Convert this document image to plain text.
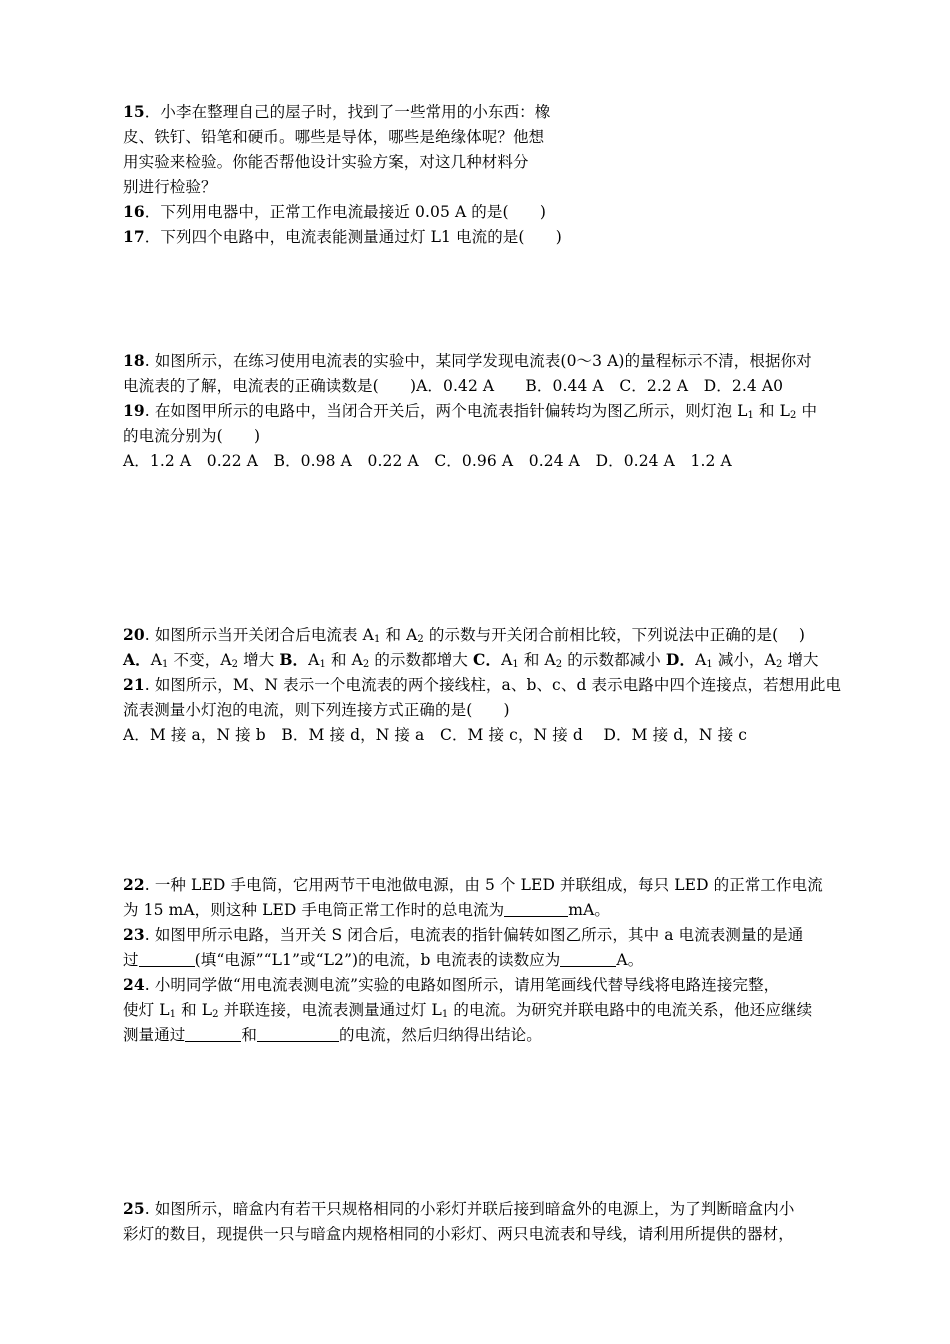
15．小李在整理自己的屋子时，找到了一些常用的小东西：橡
皮、铁钉、铅笔和硬币。哪些是导体，哪些是绝缘体呢？他想
用实验来检验。你能否帮他设计实验方案，对这几种材料分
别进行检验？
16．下列用电器中，正常工作电流最接近 0.05 A 的是(　　)
17．下列四个电路中，电流表能测量通过灯 L1 电流的是(　　)
18. 如图所示，在练习使用电流表的实验中，某同学发现电流表(0～3 A)的量程标示不清，根据你对
电流表的了解，电流表的正确读数是(　　)A．0.42 A　　B．0.44 A　C．2.2 A　D．2.4 A0
19. 在如图甲所示的电路中，当闭合开关后，两个电流表指针偏转均为图乙所示，则灯泡 $L_1$ 和 $L_2$ 中
的电流分别为(　　)
A．1.2 A　0.22 A　B．0.98 A　0.22 A　C．0.96 A　0.24 A　D．0.24 A　1.2 A
20. 如图所示当开关闭合后电流表 $A_1$ 和 $A_2$ 的示数与开关闭合前相比较，下列说法中正确的是(　 )
A．$A_1$ 不变，$A_2$ 增大 B．$A_1$ 和 $A_2$ 的示数都增大 C．$A_1$ 和 $A_2$ 的示数都减小 D．$A_1$ 减小，$A_2$ 增大
21. 如图所示，M、N 表示一个电流表的两个接线柱，a、b、c、d 表示电路中四个连接点，若想用此电
流表测量小灯泡的电流，则下列连接方式正确的是(　　)
A．M 接 a，N 接 b　B．M 接 d，N 接 a　C．M 接 c，N 接 d　 D．M 接 d，N 接 c
22. 一种 LED 手电筒，它用两节干电池做电源，由 5 个 LED 并联组成，每只 LED 的正常工作电流
为 15 mA，则这种 LED 手电筒正常工作时的总电流为	mA。
23. 如图甲所示电路，当开关 S 闭合后，电流表的指针偏转如图乙所示，其中 a 电流表测量的是通
过	(填“电源”“L1”或“L2”)的电流，b 电流表的读数应为	A。
24. 小明同学做“用电流表测电流”实验的电路如图所示，请用笔画线代替导线将电路连接完整，
使灯 $L_1$ 和 $L_2$ 并联连接，电流表测量通过灯 $L_1$ 的电流。为研究并联电路中的电流关系，他还应继续
测量通过	和	的电流，然后归纳得出结论。
25. 如图所示，暗盒内有若干只规格相同的小彩灯并联后接到暗盒外的电源上，为了判断暗盒内小
彩灯的数目，现提供一只与暗盒内规格相同的小彩灯、两只电流表和导线，请利用所提供的器材，
